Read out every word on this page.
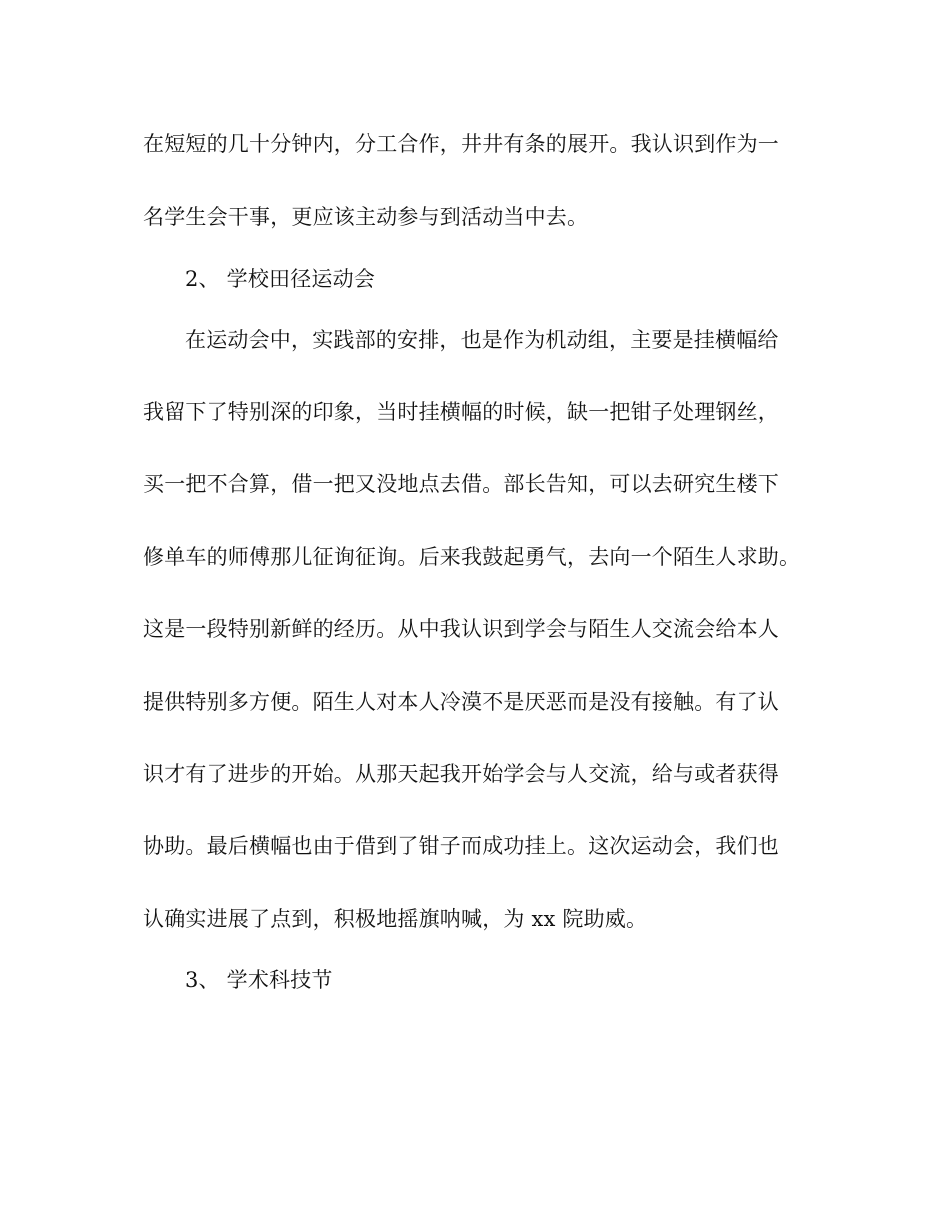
在短短的几十分钟内，分工合作，井井有条的展开。我认识到作为一
名学生会干事，更应该主动参与到活动当中去。
2、 学校田径运动会
在运动会中，实践部的安排，也是作为机动组，主要是挂横幅给
我留下了特别深的印象，当时挂横幅的时候，缺一把钳子处理钢丝，
买一把不合算，借一把又没地点去借。部长告知，可以去研究生楼下
修单车的师傅那儿征询征询。后来我鼓起勇气，去向一个陌生人求助。
这是一段特别新鲜的经历。从中我认识到学会与陌生人交流会给本人
提供特别多方便。陌生人对本人冷漠不是厌恶而是没有接触。有了认
识才有了进步的开始。从那天起我开始学会与人交流，给与或者获得
协助。最后横幅也由于借到了钳子而成功挂上。这次运动会，我们也
认确实进展了点到，积极地摇旗呐喊，为 xx 院助威。
3、 学术科技节
